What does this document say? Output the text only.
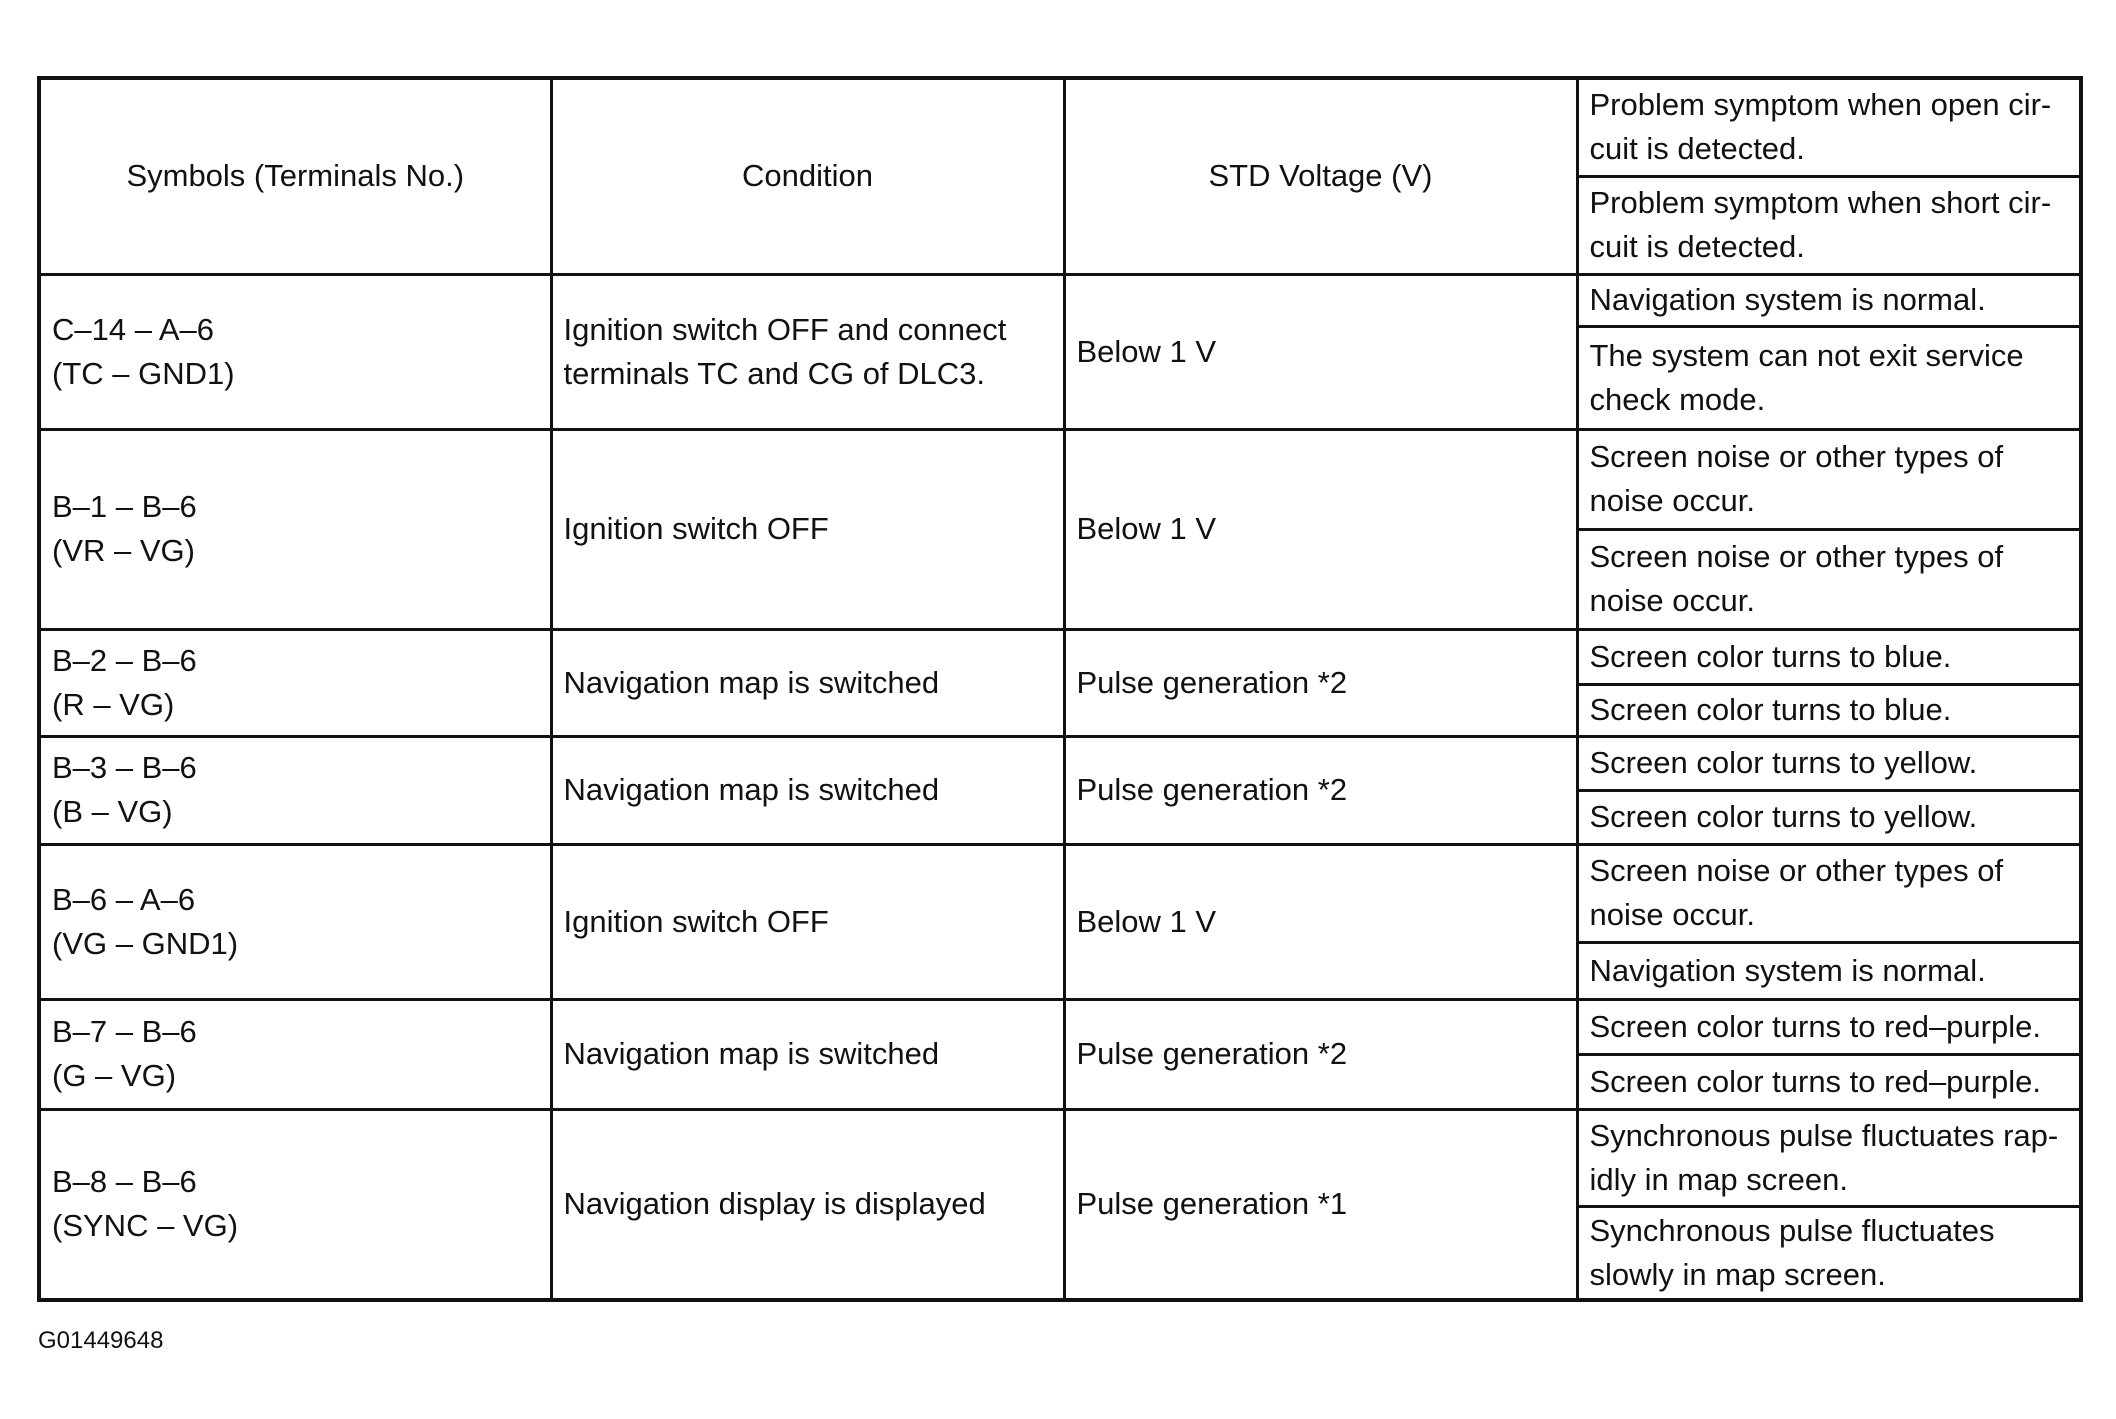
Symbols (Terminals No.)	Condition	STD Voltage (V)	Problem symptom when open cir-cuit is detected.
			Problem symptom when short cir-cuit is detected.

C–14 – A–6
(TC – GND1)	Ignition switch OFF and connect terminals TC and CG of DLC3.	Below 1 V	Navigation system is normal.
			The system can not exit service check mode.

B–1 – B–6
(VR – VG)	Ignition switch OFF	Below 1 V	Screen noise or other types of noise occur.
			Screen noise or other types of noise occur.

B–2 – B–6
(R – VG)	Navigation map is switched	Pulse generation *2	Screen color turns to blue.
			Screen color turns to blue.

B–3 – B–6
(B – VG)	Navigation map is switched	Pulse generation *2	Screen color turns to yellow.
			Screen color turns to yellow.

B–6 – A–6
(VG – GND1)	Ignition switch OFF	Below 1 V	Screen noise or other types of noise occur.
			Navigation system is normal.

B–7 – B–6
(G – VG)	Navigation map is switched	Pulse generation *2	Screen color turns to red–purple.
			Screen color turns to red–purple.

B–8 – B–6
(SYNC – VG)	Navigation display is displayed	Pulse generation *1	Synchronous pulse fluctuates rap-idly in map screen.
			Synchronous pulse fluctuates slowly in map screen.
G01449648
